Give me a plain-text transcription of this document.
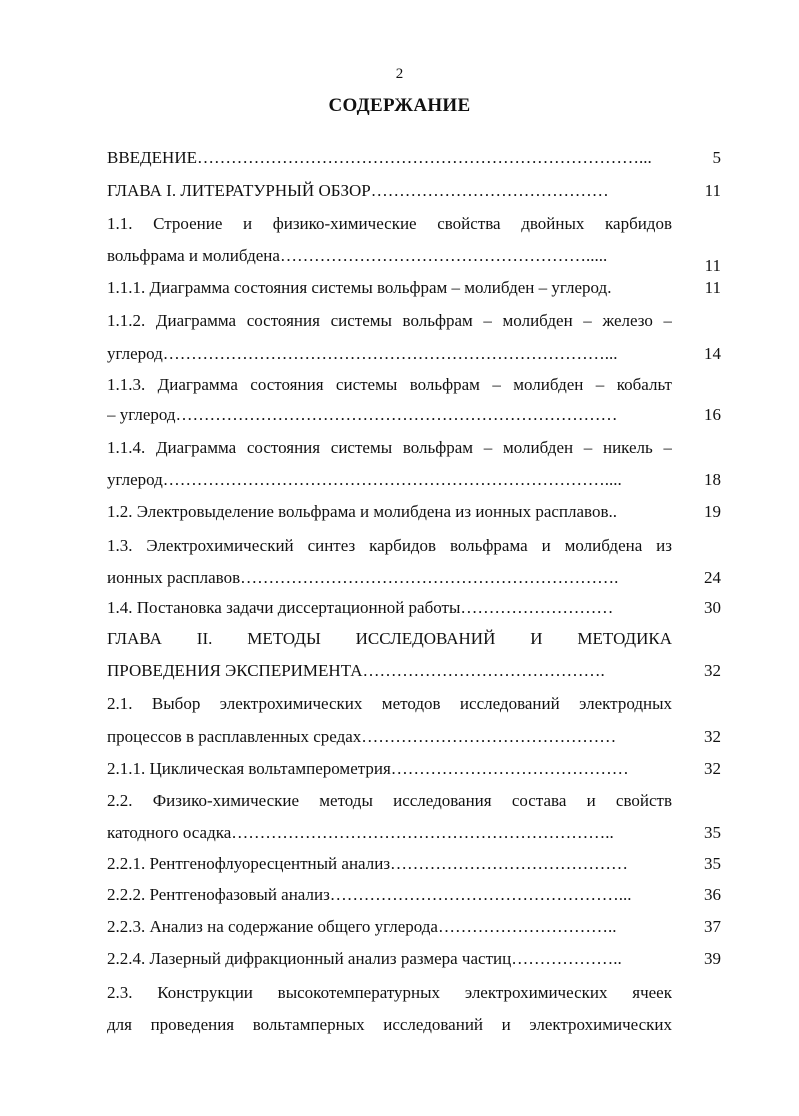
2
СОДЕРЖАНИЕ
ВВЕДЕНИЕ……………………………………………………………………...
ГЛАВА I. ЛИТЕРАТУРНЫЙ ОБЗОР……………………………………
1.1. Строение и физико-химические свойства двойных карбидов
вольфрама и молибдена……………………………………………….....
1.1.1. Диаграмма состояния системы вольфрам – молибден – углерод.
1.1.2. Диаграмма состояния системы вольфрам – молибден – железо –
углерод……………………………………………………………………...
1.1.3. Диаграмма состояния системы вольфрам – молибден – кобальт
– углерод……………………………………………………………………
1.1.4. Диаграмма состояния системы вольфрам – молибден – никель –
углерод……………………………………………………………………....
1.2. Электровыделение вольфрама и молибдена из ионных расплавов..
1.3. Электрохимический синтез карбидов вольфрама и молибдена из
ионных расплавов………………………………………………………….
1.4. Постановка задачи диссертационной работы………………………
ГЛАВА II. МЕТОДЫ ИССЛЕДОВАНИЙ И МЕТОДИКА
ПРОВЕДЕНИЯ ЭКСПЕРИМЕНТА…………………………………….
2.1. Выбор электрохимических методов исследований электродных
процессов в расплавленных средах………………………………………
2.1.1. Циклическая вольтамперометрия……………………………………
2.2. Физико-химические методы исследования состава и свойств
катодного осадка…………………………………………………………..
2.2.1. Рентгенофлуоресцентный анализ……………………………………
2.2.2. Рентгенофазовый анализ……………………………………………...
2.2.3. Анализ на содержание общего углерода…………………………..
2.2.4. Лазерный дифракционный анализ размера частиц………………..
2.3. Конструкции высокотемпературных электрохимических ячеек
для проведения вольтамперных исследований и электрохимических
5
11
11
11
14
16
18
19
24
30
32
32
32
35
35
36
37
39
